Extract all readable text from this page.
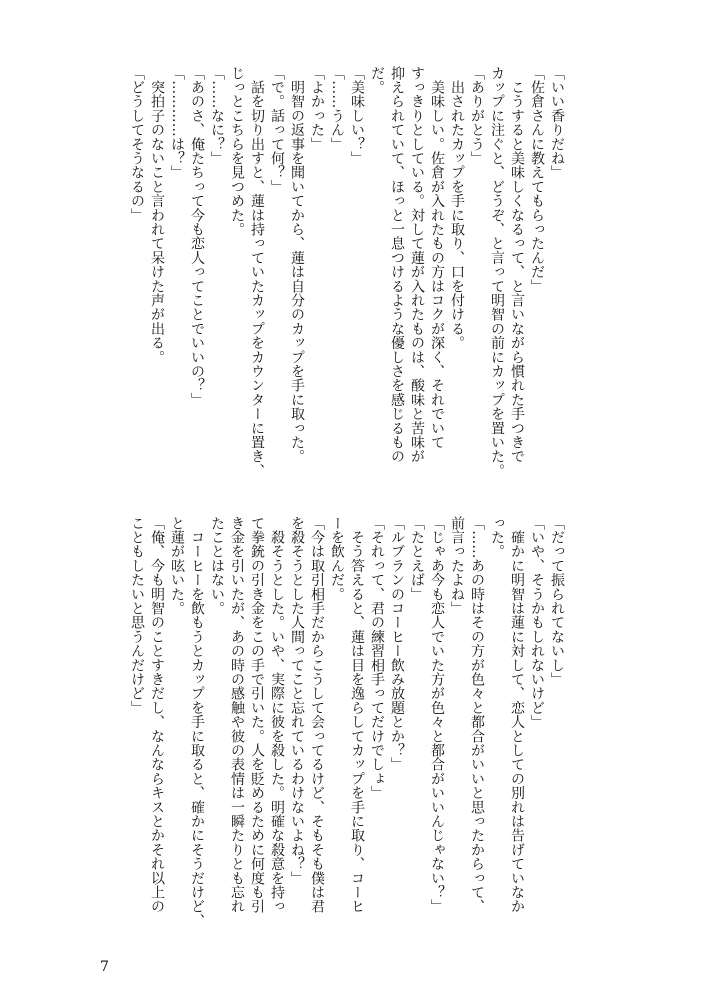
「いい香りだね」

「佐倉さんに教えてもらったんだ」

　こうすると美味しくなるって、と言いながら慣れた手つきで

カップに注ぐと、どうぞ、と言って明智の前にカップを置いた。

「ありがとう」

　出されたカップを手に取り、口を付ける。

　美味しい。佐倉が入れたもの方はコクが深く、それでいて

すっきりとしている。対して蓮が入れたものは、酸味と苦味が

抑えられていて、ほっと一息つけるような優しさを感じるもの

だ。

「美味しい？」

「……うん」

「よかった」

　明智の返事を聞いてから、蓮は自分のカップを手に取った。

「で。話って何？」

　話を切り出すと、蓮は持っていたカップをカウンターに置き、

じっとこちらを見つめた。

「……なに？」

「あのさ、俺たちって今も恋人ってことでいいの？」

「…………は？」

　突拍子のないこと言われて呆けた声が出る。

「どうしてそうなるの」

「だって振られてないし」

「いや、そうかもしれないけど」

　確かに明智は蓮に対して、恋人としての別れは告げていなか

った。

「……あの時はその方が色々と都合がいいと思ったからって、

前言ったよね」

「じゃあ今も恋人でいた方が色々と都合がいいんじゃない？」

「たとえば」

「ルブランのコーヒー飲み放題とか？」

「それって、君の練習相手ってだけでしょ」

　そう答えると、蓮は目を逸らしてカップを手に取り、コーヒ

ーを飲んだ。

「今は取引相手だからこうして会ってるけど、そもそも僕は君

を殺そうとした人間ってこと忘れているわけないよね？」

　殺そうとした。いや、実際に彼を殺した。明確な殺意を持っ

て拳銃の引き金をこの手で引いた。人を貶めるために何度も引

き金を引いたが、あの時の感触や彼の表情は一瞬たりとも忘れ

たことはない。

　コーヒーを飲もうとカップを手に取ると、確かにそうだけど、

と蓮が呟いた。

「俺、今も明智のことすきだし、なんならキスとかそれ以上の

こともしたいと思うんだけど」

7
